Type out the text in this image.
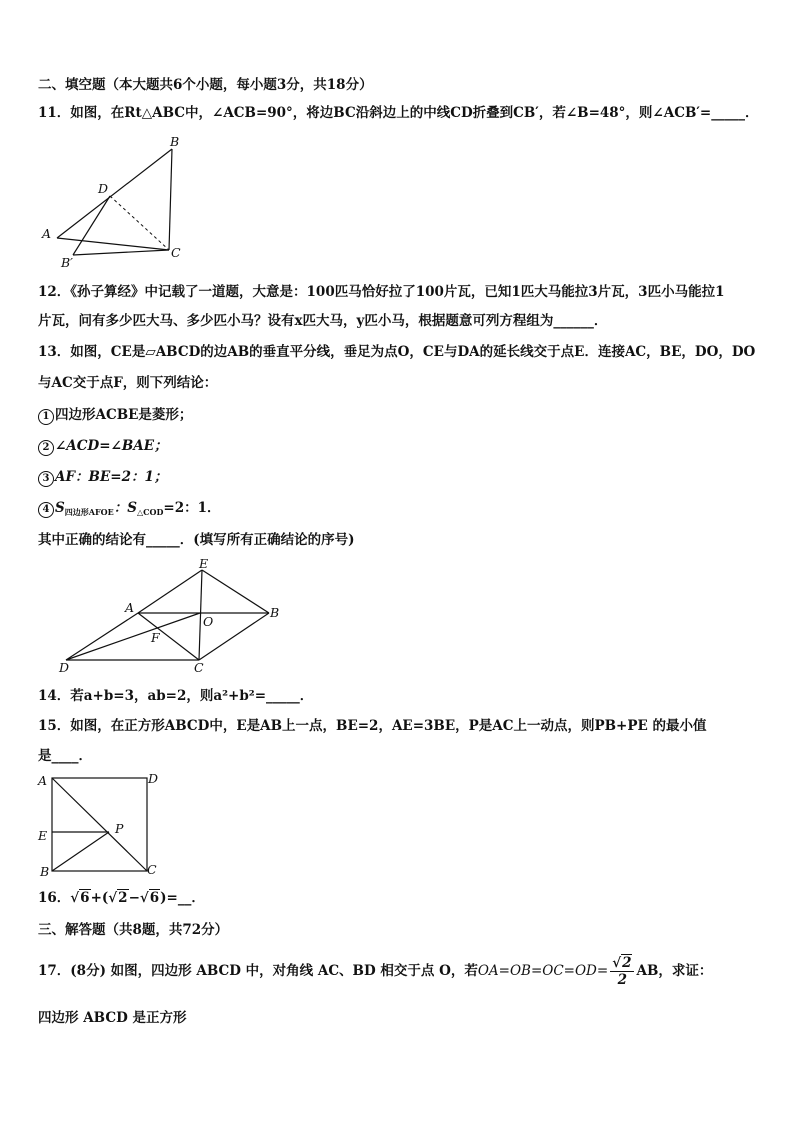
二、填空题（本大题共6个小题，每小题3分，共18分）
11．如图，在Rt△ABC中，∠ACB=90°，将边BC沿斜边上的中线CD折叠到CB′，若∠B=48°，则∠ACB′=_____．
B
D
A
C
B′
12．《孙子算经》中记载了一道题，大意是：100匹马恰好拉了100片瓦，已知1匹大马能拉3片瓦，3匹小马能拉1
片瓦，问有多少匹大马、多少匹小马？设有x匹大马，y匹小马，根据题意可列方程组为______．
13．如图，CE是▱ABCD的边AB的垂直平分线，垂足为点O，CE与DA的延长线交于点E．连接AC，BE，DO，DO
与AC交于点F，则下列结论：
1 四边形ACBE是菱形；
2 ∠ACD=∠BAE；
3 AF：BE=2：1；
4 $S_{四边形AFOE}$：$S_{\triangle COD}=2$：1．
其中正确的结论有_____．(填写所有正确结论的序号)
E
A	B
O
F
D	C
14．若a+b=3，ab=2，则a²+b²=_____．
15．如图，在正方形ABCD中，E是AB上一点，BE=2，AE=3BE，P是AC上一动点，则PB+PE 的最小值
是____．
A	D
E	P
B	C
16．√6+(√2−√6)=__．
三、解答题（共8题，共72分）
17．(8分) 如图，四边形 ABCD 中，对角线 AC、BD 相交于点 O，若$OA=OB=OC=OD= \frac{√2}{2}$ AB，求证：
四边形 ABCD 是正方形
